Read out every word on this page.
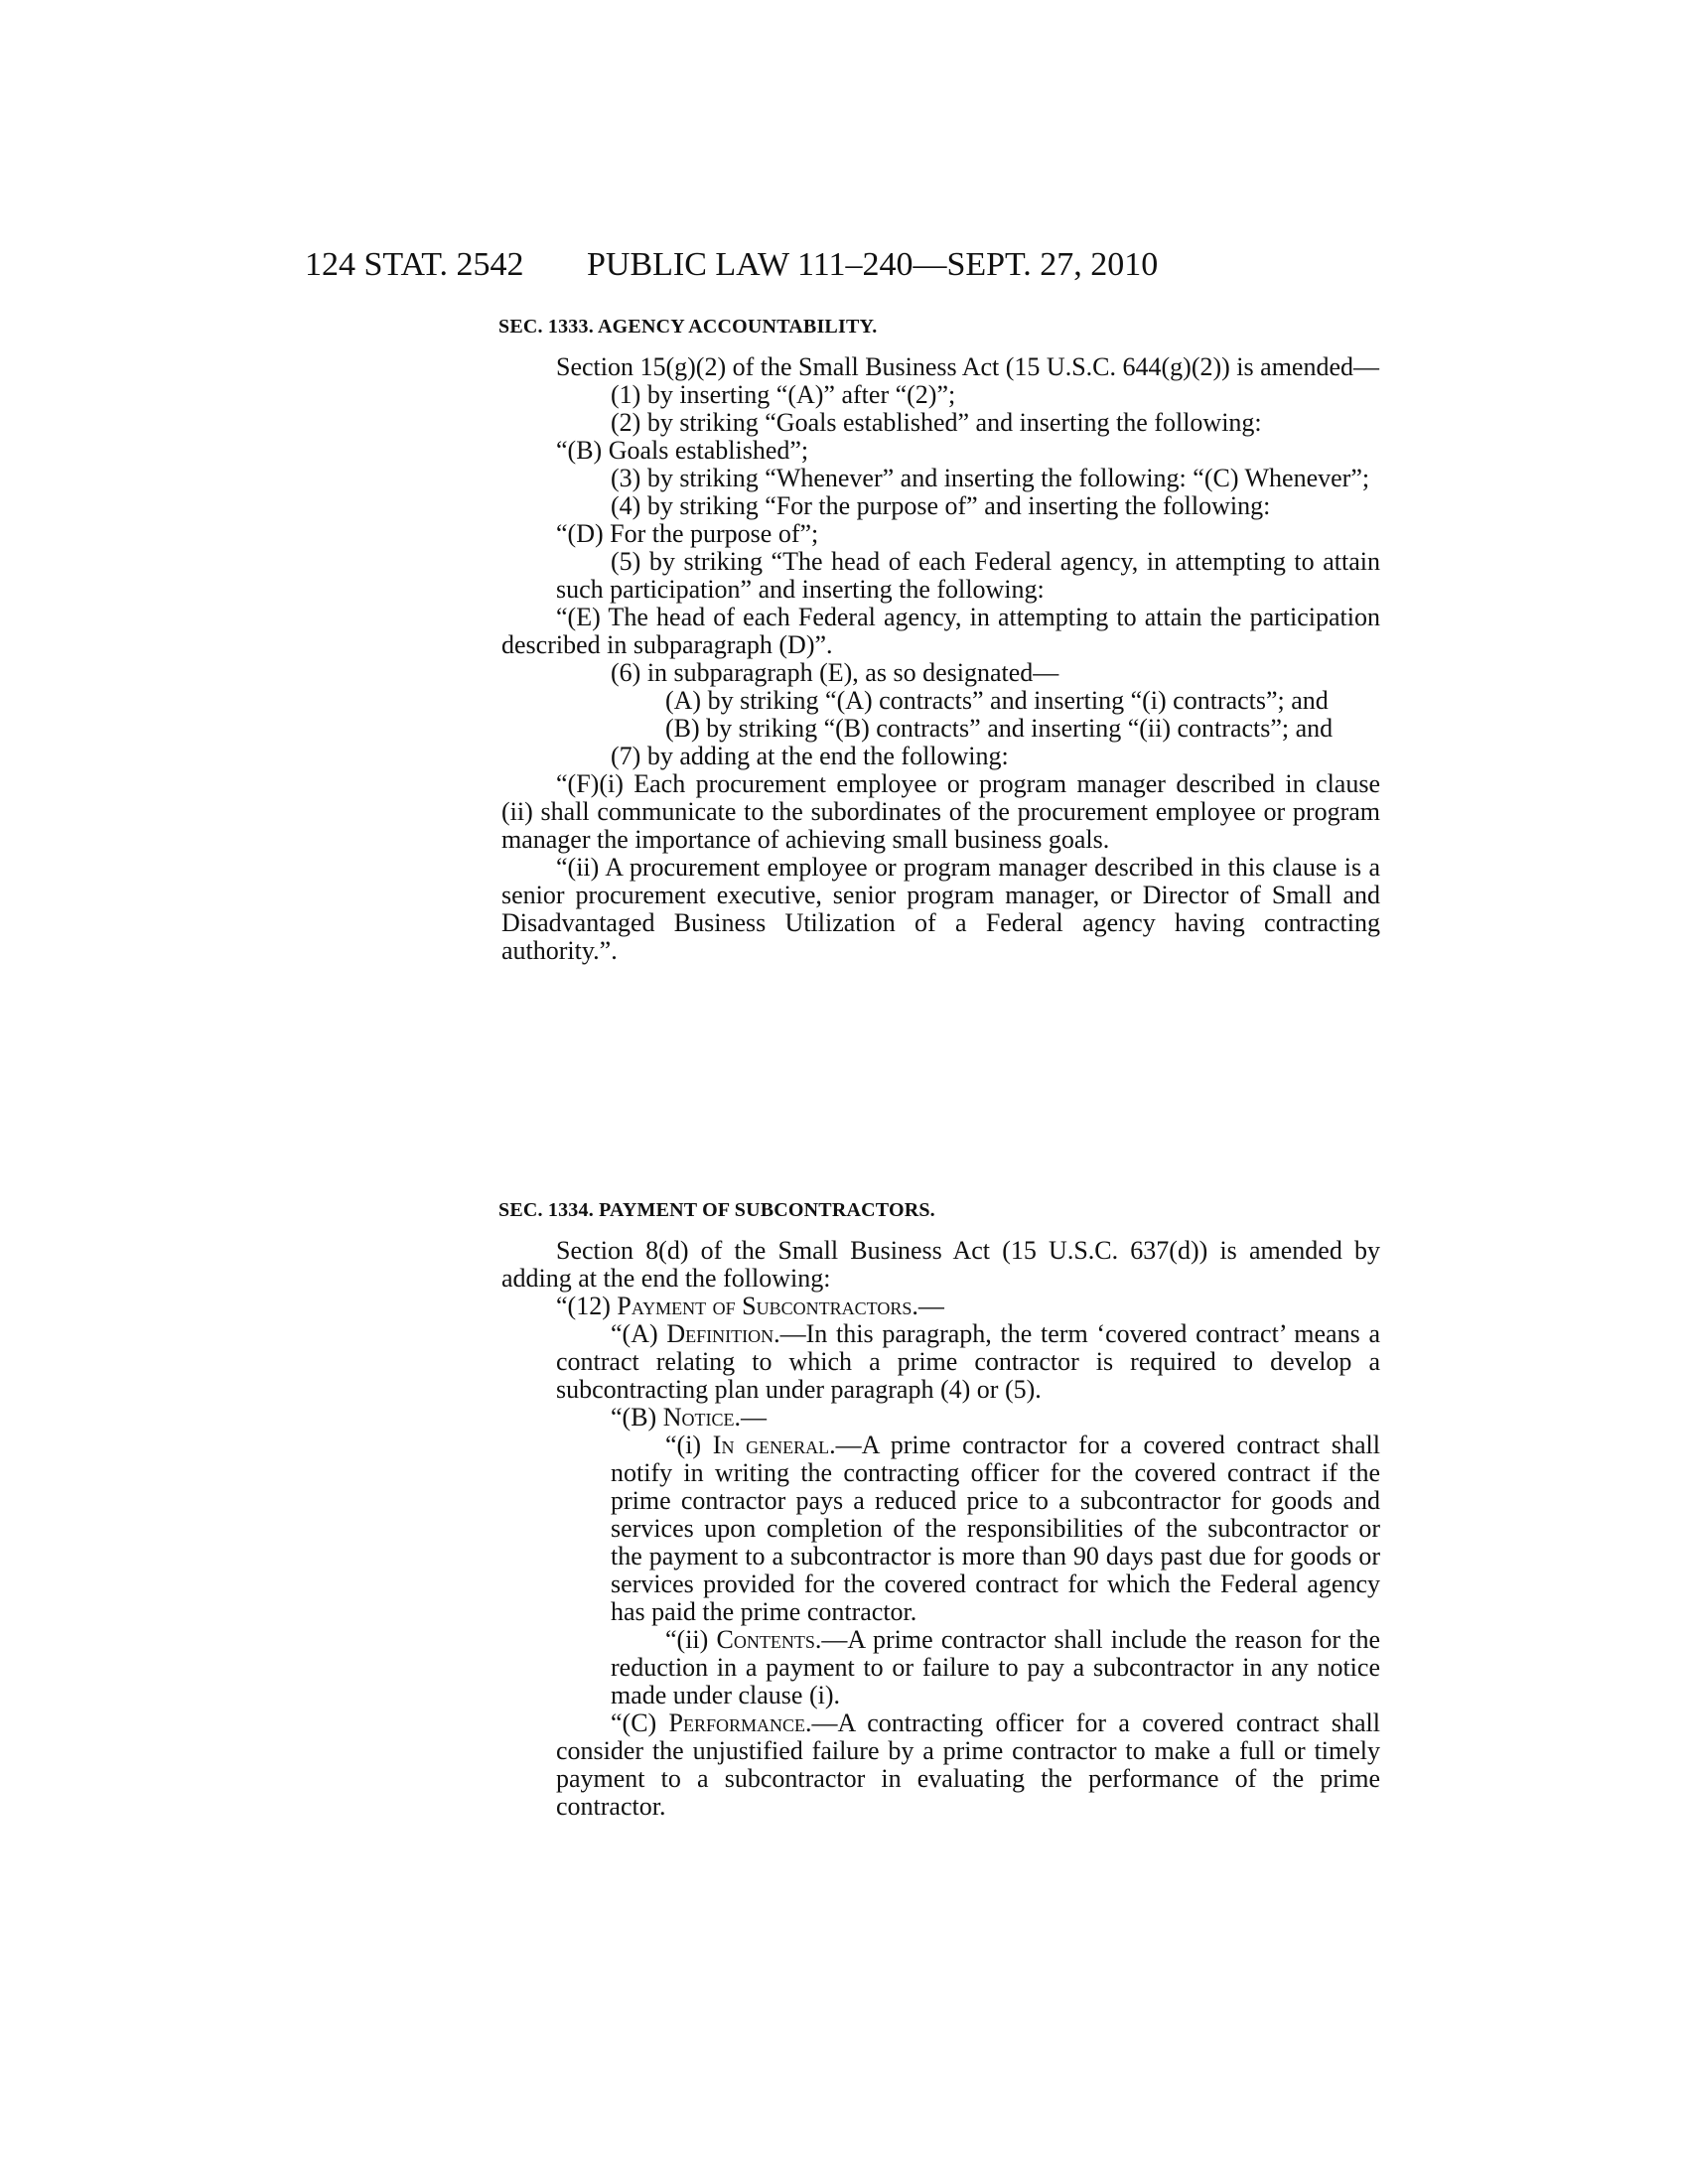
124 STAT. 2542 PUBLIC LAW 111–240—SEPT. 27, 2010
SEC. 1333. AGENCY ACCOUNTABILITY.

Section 15(g)(2) of the Small Business Act (15 U.S.C. 644(g)(2)) is amended—

(1) by inserting “(A)” after “(2)”;

(2) by striking “Goals established” and inserting the following:

“(B) Goals established”;

(3) by striking “Whenever” and inserting the following: “(C) Whenever”;

(4) by striking “For the purpose of” and inserting the following:

“(D) For the purpose of”;

(5) by striking “The head of each Federal agency, in attempting to attain such participation” and inserting the following:

“(E) The head of each Federal agency, in attempting to attain the participation described in subparagraph (D)”.

(6) in subparagraph (E), as so designated—

(A) by striking “(A) contracts” and inserting “(i) contracts”; and

(B) by striking “(B) contracts” and inserting “(ii) contracts”; and

(7) by adding at the end the following:

“(F)(i) Each procurement employee or program manager described in clause (ii) shall communicate to the subordinates of the procurement employee or program manager the importance of achieving small business goals.

“(ii) A procurement employee or program manager described in this clause is a senior procurement executive, senior program manager, or Director of Small and Disadvantaged Business Utilization of a Federal agency having contracting authority.”.

SEC. 1334. PAYMENT OF SUBCONTRACTORS.

Section 8(d) of the Small Business Act (15 U.S.C. 637(d)) is amended by adding at the end the following:

“(12) Payment of Subcontractors.—

“(A) Definition.—In this paragraph, the term ‘covered contract’ means a contract relating to which a prime contractor is required to develop a subcontracting plan under paragraph (4) or (5).

“(B) Notice.—

“(i) In general.—A prime contractor for a covered contract shall notify in writing the contracting officer for the covered contract if the prime contractor pays a reduced price to a subcontractor for goods and services upon completion of the responsibilities of the subcontractor or the payment to a subcontractor is more than 90 days past due for goods or services provided for the covered contract for which the Federal agency has paid the prime contractor.

“(ii) Contents.—A prime contractor shall include the reason for the reduction in a payment to or failure to pay a subcontractor in any notice made under clause (i).

“(C) Performance.—A contracting officer for a covered contract shall consider the unjustified failure by a prime contractor to make a full or timely payment to a subcontractor in evaluating the performance of the prime contractor.
